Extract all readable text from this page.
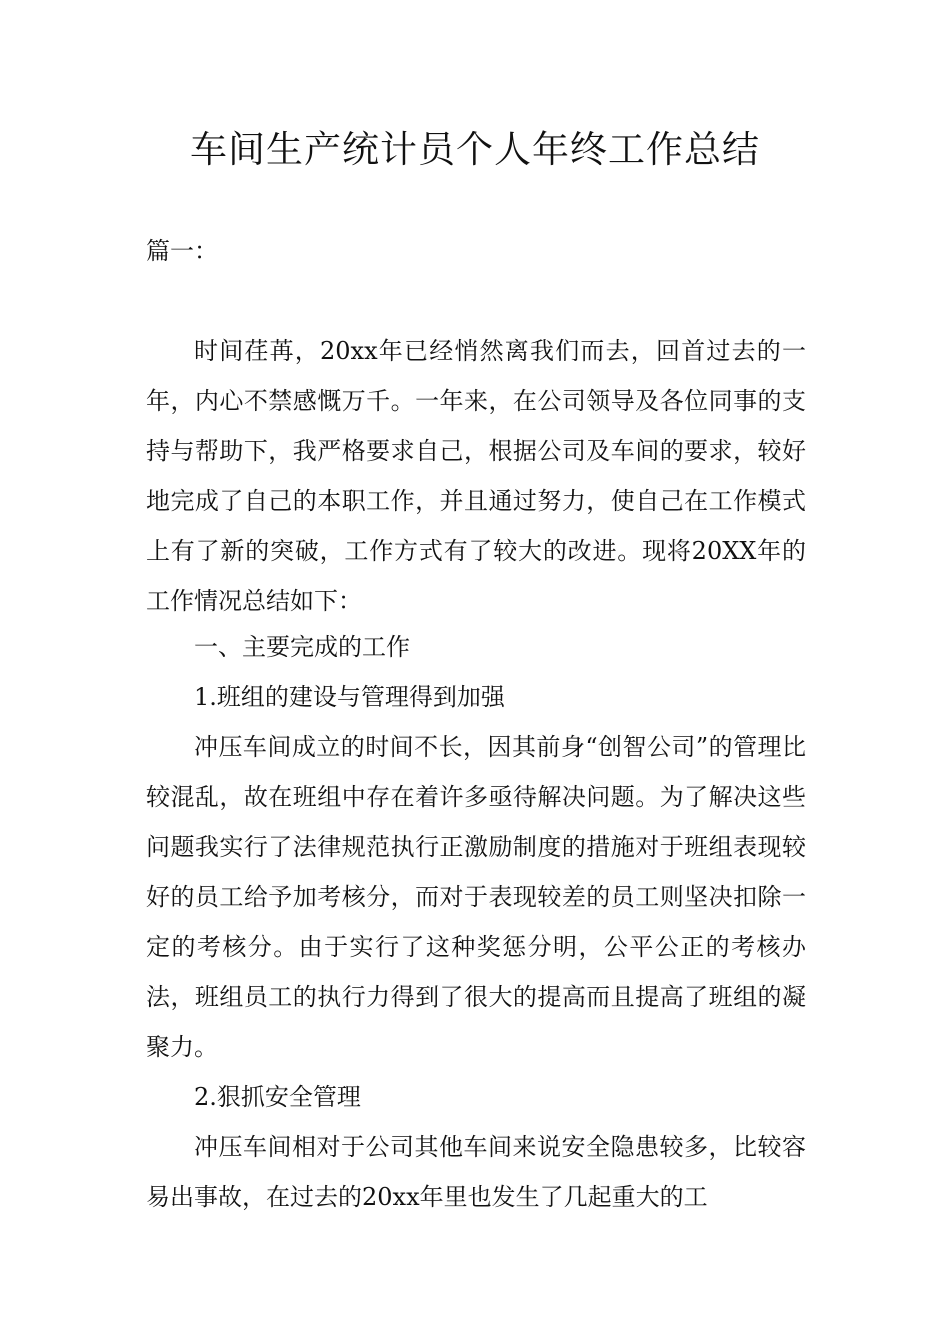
车间生产统计员个人年终工作总结
篇一：

时间荏苒，20xx年已经悄然离我们而去，回首过去的一年，内心不禁感慨万千。一年来，在公司领导及各位同事的支持与帮助下，我严格要求自己，根据公司及车间的要求，较好地完成了自己的本职工作，并且通过努力，使自己在工作模式上有了新的突破，工作方式有了较大的改进。现将20XX年的工作情况总结如下：

一、主要完成的工作

1.班组的建设与管理得到加强

冲压车间成立的时间不长，因其前身“创智公司”的管理比较混乱，故在班组中存在着许多亟待解决问题。为了解决这些问题我实行了法律规范执行正激励制度的措施对于班组表现较好的员工给予加考核分，而对于表现较差的员工则坚决扣除一定的考核分。由于实行了这种奖惩分明，公平公正的考核办法，班组员工的执行力得到了很大的提高而且提高了班组的凝聚力。

2.狠抓安全管理

冲压车间相对于公司其他车间来说安全隐患较多，比较容易出事故，在过去的20xx年里也发生了几起重大的工
